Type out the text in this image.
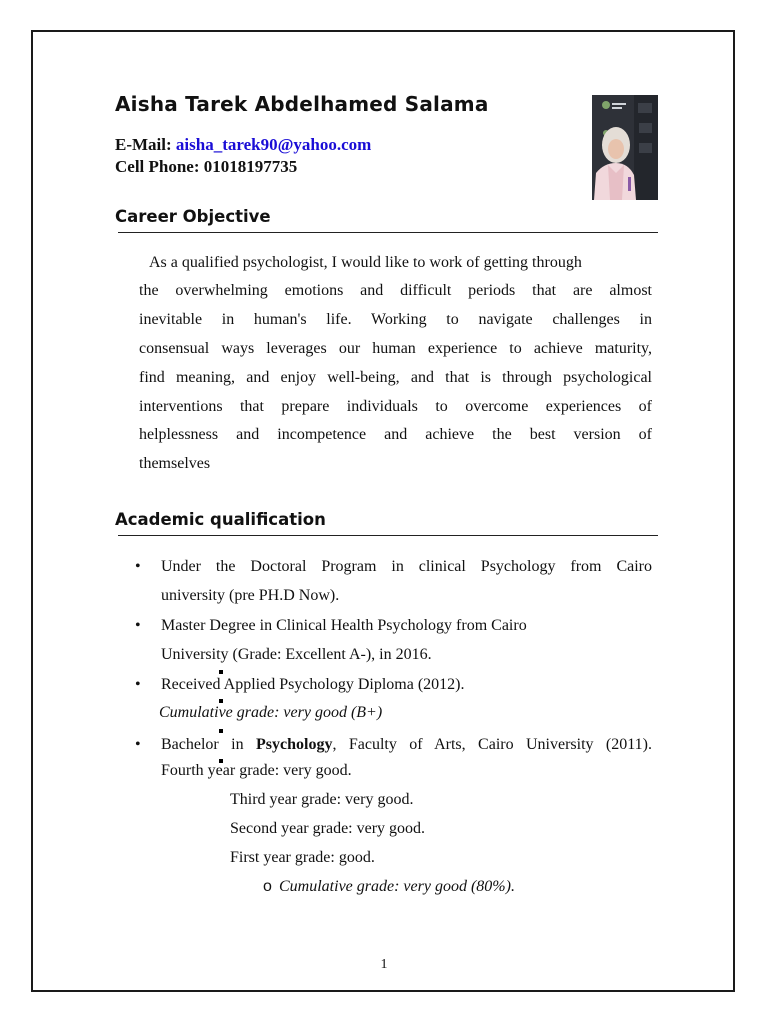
Aisha Tarek Abdelhamed Salama
E-Mail: aisha_tarek90@yahoo.com
Cell Phone: 01018197735
Career Objective
As a qualified psychologist, I would like to work of getting through
the overwhelming emotions and difficult periods that are almost
inevitable in human's life. Working to navigate challenges in
consensual ways leverages our human experience to achieve maturity,
find meaning, and enjoy well-being, and that is through psychological
interventions that prepare individuals to overcome experiences of
helplessness and incompetence and achieve the best version of
themselves
Academic qualification
• Under the Doctoral Program in clinical Psychology from Cairo
university (pre PH.D Now).
• Master Degree in Clinical Health Psychology from Cairo
University (Grade: Excellent A-), in 2016.
• Received Applied Psychology Diploma (2012).
Cumulative grade: very good (B+)
• Bachelor in Psychology, Faculty of Arts, Cairo University (2011).
Fourth year grade: very good.
Third year grade: very good.
Second year grade: very good.
First year grade: good.
o Cumulative grade: very good (80%).
1
